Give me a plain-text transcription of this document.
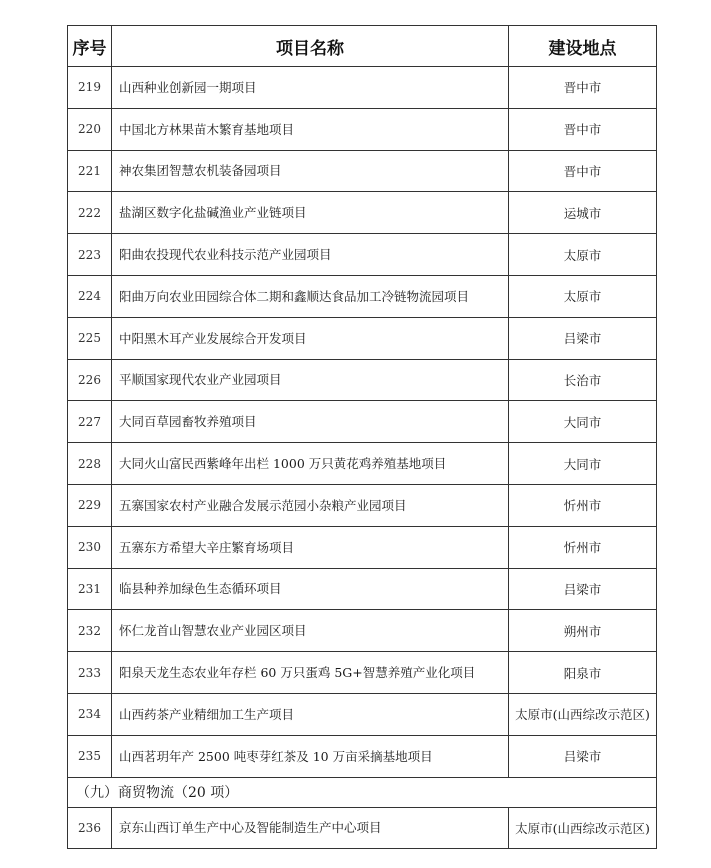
序号	项目名称	建设地点
219	山西种业创新园一期项目	晋中市
220	中国北方林果苗木繁育基地项目	晋中市
221	神农集团智慧农机装备园项目	晋中市
222	盐湖区数字化盐碱渔业产业链项目	运城市
223	阳曲农投现代农业科技示范产业园项目	太原市
224	阳曲万向农业田园综合体二期和鑫顺达食品加工冷链物流园项目	太原市
225	中阳黑木耳产业发展综合开发项目	吕梁市
226	平顺国家现代农业产业园项目	长治市
227	大同百草园畜牧养殖项目	大同市
228	大同火山富民西紫峰年出栏 1000 万只黄花鸡养殖基地项目	大同市
229	五寨国家农村产业融合发展示范园小杂粮产业园项目	忻州市
230	五寨东方希望大辛庄繁育场项目	忻州市
231	临县种养加绿色生态循环项目	吕梁市
232	怀仁龙首山智慧农业产业园区项目	朔州市
233	阳泉天龙生态农业年存栏 60 万只蛋鸡 5G+智慧养殖产业化项目	阳泉市
234	山西药茶产业精细加工生产项目	太原市(山西综改示范区)
235	山西茗玥年产 2500 吨枣芽红茶及 10 万亩采摘基地项目	吕梁市
（九）商贸物流（20 项）		
236	京东山西订单生产中心及智能制造生产中心项目	太原市(山西综改示范区)
